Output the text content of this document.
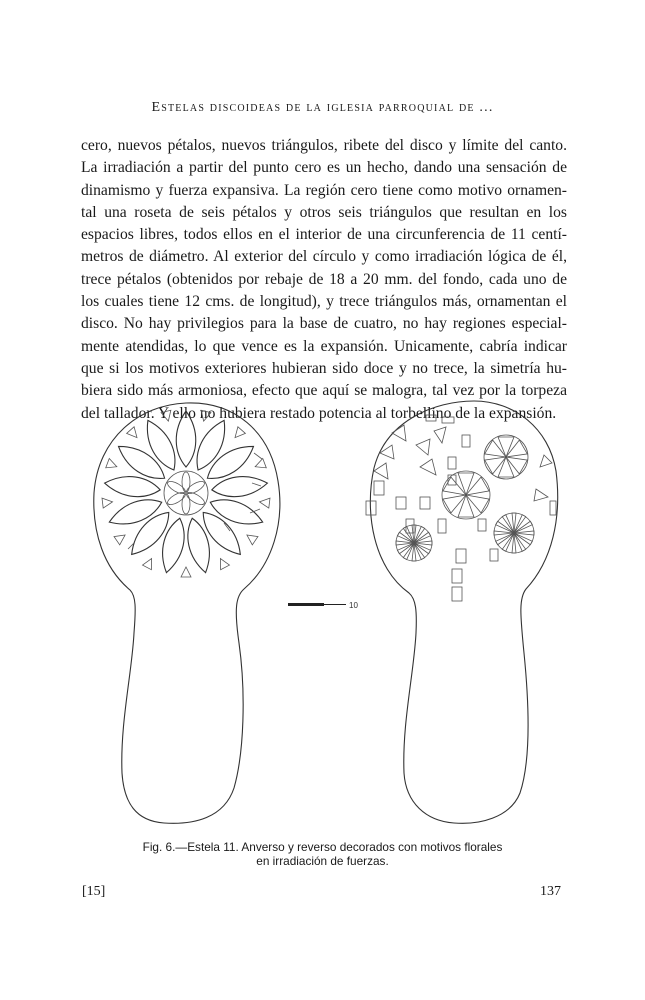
Estelas discoideas de la iglesia parroquial de ...
cero, nuevos pétalos, nuevos triángulos, ribete del disco y límite del canto.
La irradiación a partir del punto cero es un hecho, dando una sensación de
dinamismo y fuerza expansiva. La región cero tiene como motivo ornamen-
tal una roseta de seis pétalos y otros seis triángulos que resultan en los
espacios libres, todos ellos en el interior de una circunferencia de 11 centí-
metros de diámetro. Al exterior del círculo y como irradiación lógica de él,
trece pétalos (obtenidos por rebaje de 18 a 20 mm. del fondo, cada uno de
los cuales tiene 12 cms. de longitud), y trece triángulos más, ornamentan el
disco. No hay privilegios para la base de cuatro, no hay regiones especial-
mente atendidas, lo que vence es la expansión. Unicamente, cabría indicar
que si los motivos exteriores hubieran sido doce y no trece, la simetría hu-
biera sido más armoniosa, efecto que aquí se malogra, tal vez por la torpeza
del tallador. Y ello no hubiera restado potencia al torbellino de la expansión.
10
Fig. 6.—Estela 11. Anverso y reverso decorados con motivos florales
en irradiación de fuerzas.
[15]	137
